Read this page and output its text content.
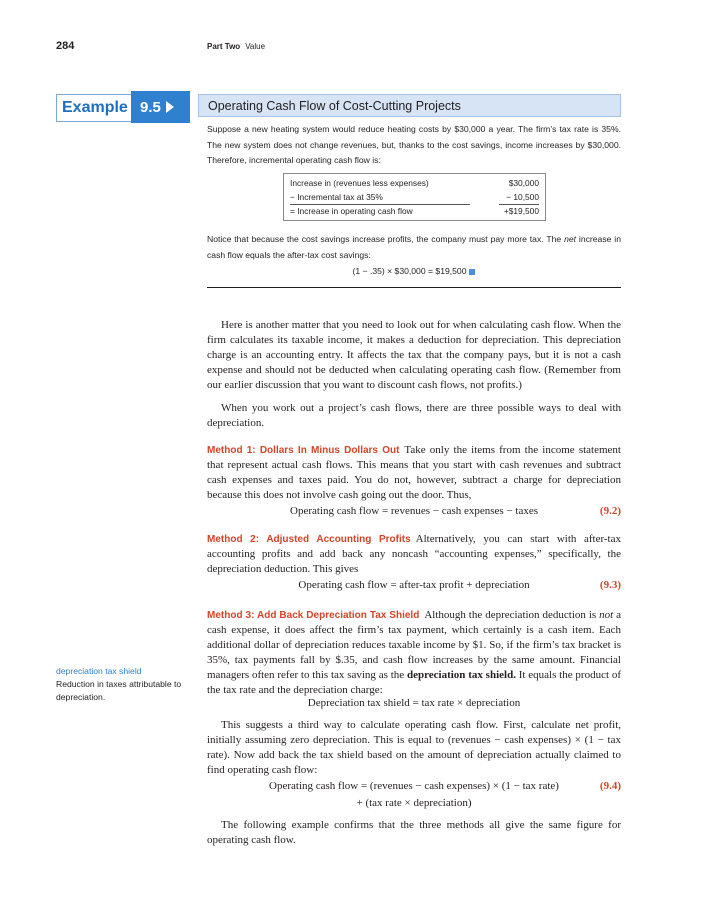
284	Part Two Value
Example 9.5	Operating Cash Flow of Cost-Cutting Projects
Suppose a new heating system would reduce heating costs by $30,000 a year. The firm’s tax rate is 35%. The new system does not change revenues, but, thanks to the cost savings, income increases by $30,000. Therefore, incremental operating cash flow is:
Increase in (revenues less expenses)	$30,000
− Incremental tax at 35%	− 10,500
= Increase in operating cash flow	+$19,500
Notice that because the cost savings increase profits, the company must pay more tax. The net increase in cash flow equals the after-tax cost savings:
(1 − .35) × $30,000 = $19,500
Here is another matter that you need to look out for when calculating cash flow. When the firm calculates its taxable income, it makes a deduction for depreciation. This depreciation charge is an accounting entry. It affects the tax that the company pays, but it is not a cash expense and should not be deducted when calculating operating cash flow. (Remember from our earlier discussion that you want to discount cash flows, not profits.)
When you work out a project’s cash flows, there are three possible ways to deal with depreciation.
Method 1: Dollars In Minus Dollars Out Take only the items from the income statement that represent actual cash flows. This means that you start with cash revenues and subtract cash expenses and taxes paid. You do not, however, subtract a charge for depreciation because this does not involve cash going out the door. Thus,
Operating cash flow = revenues − cash expenses − taxes	(9.2)
Method 2: Adjusted Accounting Profits Alternatively, you can start with after-tax accounting profits and add back any noncash “accounting expenses,” specifically, the depreciation deduction. This gives
Operating cash flow = after-tax profit + depreciation	(9.3)
Method 3: Add Back Depreciation Tax Shield Although the depreciation deduction is not a cash expense, it does affect the firm’s tax payment, which certainly is a cash item. Each additional dollar of depreciation reduces taxable income by $1. So, if the firm’s tax bracket is 35%, tax payments fall by $.35, and cash flow increases by the same amount. Financial managers often refer to this tax saving as the depreciation tax shield. It equals the product of the tax rate and the depreciation charge:
Depreciation tax shield = tax rate × depreciation
This suggests a third way to calculate operating cash flow. First, calculate net profit, initially assuming zero depreciation. This is equal to (revenues − cash expenses) × (1 − tax rate). Now add back the tax shield based on the amount of depreciation actually claimed to find operating cash flow:
Operating cash flow = (revenues − cash expenses) × (1 − tax rate)	(9.4)
+ (tax rate × depreciation)
The following example confirms that the three methods all give the same figure for operating cash flow.
depreciation tax shield
Reduction in taxes attributable to depreciation.
